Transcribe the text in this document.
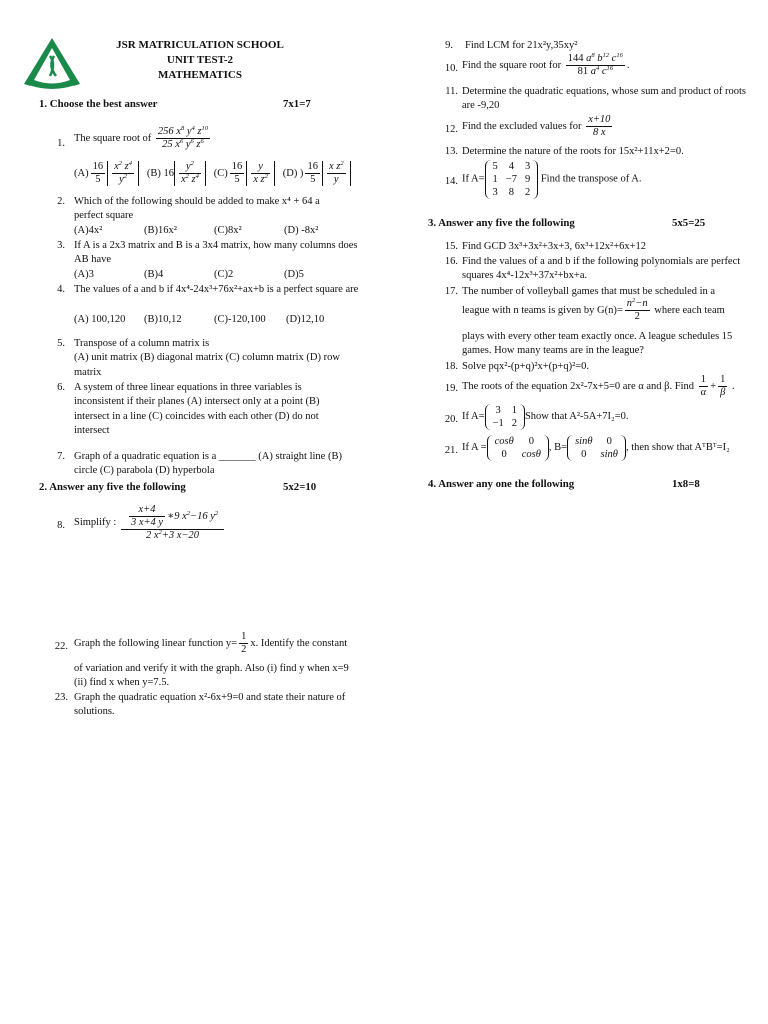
JSR MATRICULATION SCHOOL
UNIT TEST-2
MATHEMATICS
1. Choose the best answer	7x1=7
1. The square root of $\frac{256 x^8 y^4 z^{10}}{25 x^6 y^6 z^6}$
$(A) \frac{16}{5} \frac{x^2 z^4}{y^2} (B)$ $16 \frac{y^2}{x^2 z^4} (C) \frac{16}{5} \frac{y}{x z^2} (D)$ ) $\frac{16}{5} \frac{x z^2}{y}$
2. Which of the following should be added to make x⁴ + 64 a perfect square
(A)4x²	(B)16x²	(C)8x²	(D) -8x²
3. If A is a 2x3 matrix and B is a 3x4 matrix, how many columns does AB have
(A)3	(B)4	(C)2	(D)5
4. The values of a and b if 4x⁴-24x³+76x²+ax+b is a perfect square are
(A) 100,120 (B)10,12	(C)-120,100 (D)12,10
5. Transpose of a column matrix is
(A) unit matrix (B) diagonal matrix (C) column matrix (D) row matrix
6. A system of three linear equations in three variables is inconsistent if their planes (A) intersect only at a point (B) intersect in a line (C) coincides with each other (D) do not intersect
7. Graph of a quadratic equation is a _______ (A) straight line (B) circle (C) parabola (D) hyperbola
2. Answer any five the following	5x2=10
8. Simplify : $\frac{\frac{x+4}{3 x+4 y} ∗9 x^2-16 y^2}{2 x^2+3 x-20}$
22. Graph the following linear function $y= \frac{1}{2} x$. Identify the constant
of variation and verify it with the graph. Also (i) find y when x=9 (ii) find x when y=7.5.
23. Graph the quadratic equation x²-6x+9=0 and state their nature of solutions.
9. Find LCM for 21x²y,35xy²
10. Find the square root for $\frac{144 a^8 b^{12} c^{16}}{81 a^4 c^{16}}$ .
11. Determine the quadratic equations, whose sum and product of roots are -9,20
12. Find the excluded values for $\frac{x+10}{8 x}$
13. Determine the nature of the roots for 15x²+11x+2=0.
14. If A=
5	4	3
1	−7	9
3	8	2
Find the transpose of A.
3. Answer any five the following	5x5=25
15. Find GCD 3x³+3x²+3x+3, 6x³+12x²+6x+12
16. Find the values of a and b if the following polynomials are perfect squares 4x⁴-12x³+37x²+bx+a.
17. The number of volleyball games that must be scheduled in a
league with n teams is given by $G(n)= \frac{n^2-n}{2}$ where each team
plays with every other team exactly once. A league schedules 15 games. How many teams are in the league?
18. Solve pqx²-(p+q)²x+(p+q)²=0.
19. The roots of the equation 2x²-7x+5=0 are α and β. Find $\frac{1}{\alpha} + \frac{1}{\beta}$ .
20. If A=
3	1
−1	2
Show that A²-5A+7I₂=0.
21. If A =
cosθ	0
0	cosθ
, B=
sinθ	0
0	sinθ
, then show that AᵀBᵀ=I₂
4. Answer any one the following	1x8=8
